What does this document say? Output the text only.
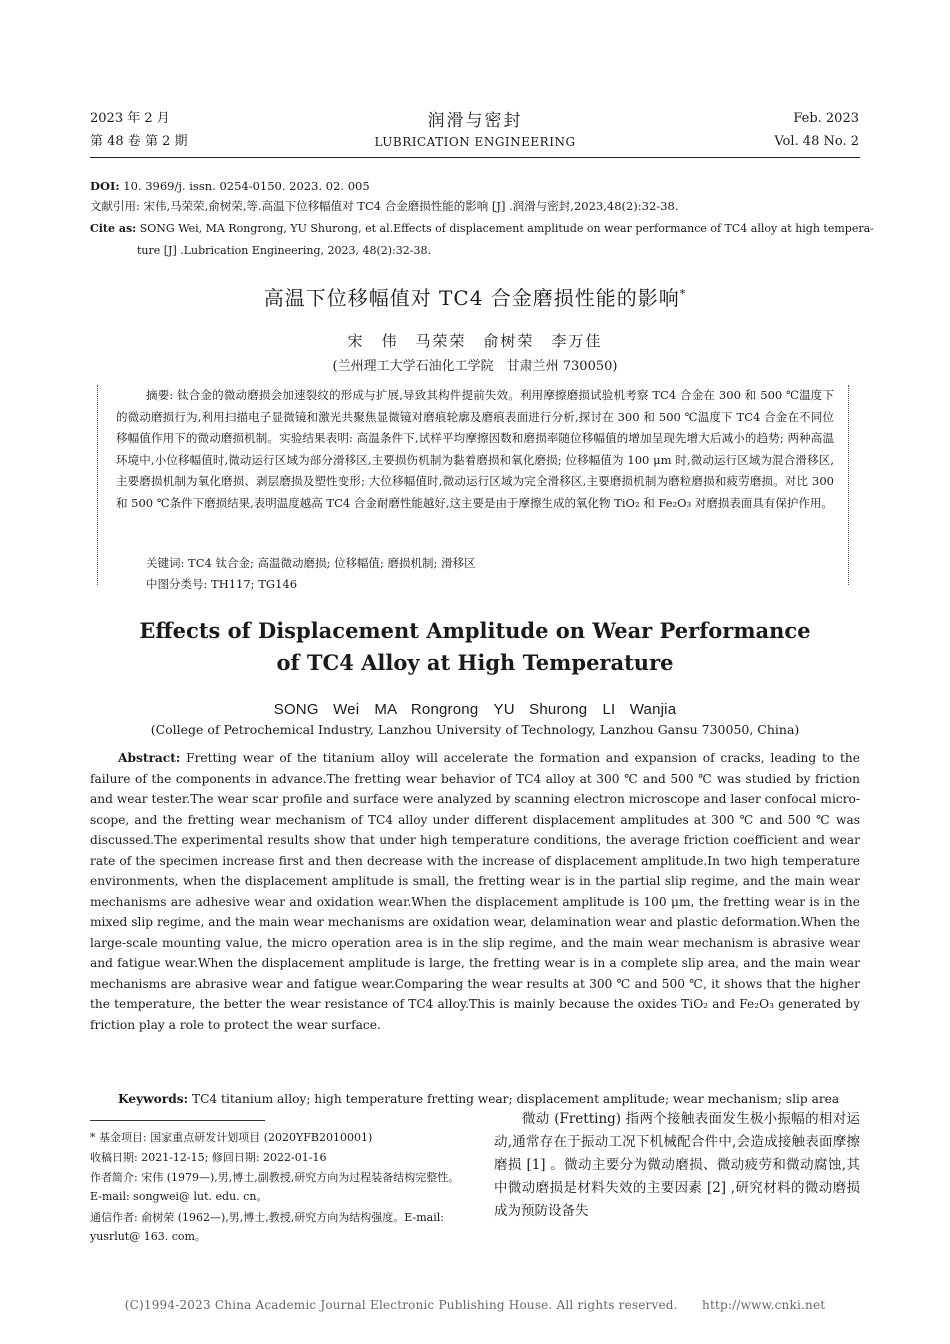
2023 年 2 月
第 48 卷 第 2 期
润滑与密封
LUBRICATION ENGINEERING
Feb. 2023
Vol. 48 No. 2
DOI: 10. 3969/j. issn. 0254-0150. 2023. 02. 005
文献引用: 宋伟,马荣荣,俞树荣,等.高温下位移幅值对 TC4 合金磨损性能的影响 [J] .润滑与密封,2023,48(2):32-38.
Cite as: SONG Wei, MA Rongrong, YU Shurong, et al.Effects of displacement amplitude on wear performance of TC4 alloy at high tempera-
ture [J] .Lubrication Engineering, 2023, 48(2):32-38.
高温下位移幅值对 TC4 合金磨损性能的影响*
宋　伟　马荣荣　俞树荣　李万佳
(兰州理工大学石油化工学院　甘肃兰州 730050)
摘要: 钛合金的微动磨损会加速裂纹的形成与扩展,导致其构件提前失效。利用摩擦磨损试验机考察 TC4 合金在 300 和 500 ℃温度下的微动磨损行为,利用扫描电子显微镜和激光共聚焦显微镜对磨痕轮廓及磨痕表面进行分析,探讨在 300 和 500 ℃温度下 TC4 合金在不同位移幅值作用下的微动磨损机制。实验结果表明: 高温条件下,试样平均摩擦因数和磨损率随位移幅值的增加呈现先增大后减小的趋势; 两种高温环境中,小位移幅值时,微动运行区域为部分滑移区,主要损伤机制为黏着磨损和氧化磨损; 位移幅值为 100 μm 时,微动运行区域为混合滑移区,主要磨损机制为氧化磨损、剥层磨损及塑性变形; 大位移幅值时,微动运行区域为完全滑移区,主要磨损机制为磨粒磨损和疲劳磨损。对比 300 和 500 ℃条件下磨损结果,表明温度越高 TC4 合金耐磨性能越好,这主要是由于摩擦生成的氧化物 TiO₂ 和 Fe₂O₃ 对磨损表面具有保护作用。
关键词: TC4 钛合金; 高温微动磨损; 位移幅值; 磨损机制; 滑移区
中图分类号: TH117; TG146
Effects of Displacement Amplitude on Wear Performance
of TC4 Alloy at High Temperature
SONG Wei　MA Rongrong　YU Shurong　LI Wanjia
(College of Petrochemical Industry, Lanzhou University of Technology, Lanzhou Gansu 730050, China)
Abstract: Fretting wear of the titanium alloy will accelerate the formation and expansion of cracks, leading to the failure of the components in advance.The fretting wear behavior of TC4 alloy at 300 ℃ and 500 ℃ was studied by friction and wear tester.The wear scar profile and surface were analyzed by scanning electron microscope and laser confocal micro-scope, and the fretting wear mechanism of TC4 alloy under different displacement amplitudes at 300 ℃ and 500 ℃ was discussed.The experimental results show that under high temperature conditions, the average friction coefficient and wear rate of the specimen increase first and then decrease with the increase of displacement amplitude.In two high temperature environments, when the displacement amplitude is small, the fretting wear is in the partial slip regime, and the main wear mechanisms are adhesive wear and oxidation wear.When the displacement amplitude is 100 μm, the fretting wear is in the mixed slip regime, and the main wear mechanisms are oxidation wear, delamination wear and plastic deformation.When the large-scale mounting value, the micro operation area is in the slip regime, and the main wear mechanism is abrasive wear and fatigue wear.When the displacement amplitude is large, the fretting wear is in a complete slip area, and the main wear mechanisms are abrasive wear and fatigue wear.Comparing the wear results at 300 ℃ and 500 ℃, it shows that the higher the temperature, the better the wear resistance of TC4 alloy.This is mainly because the oxides TiO₂ and Fe₂O₃ generated by friction play a role to protect the wear surface.
Keywords: TC4 titanium alloy; high temperature fretting wear; displacement amplitude; wear mechanism; slip area
* 基金项目: 国家重点研发计划项目 (2020YFB2010001)
收稿日期: 2021-12-15; 修回日期: 2022-01-16
作者简介: 宋伟 (1979—),男,博士,副教授,研究方向为过程装备结构完整性。E-mail: songwei@ lut. edu. cn。
通信作者: 俞树荣 (1962—),男,博士,教授,研究方向为结构强度。E-mail: yusrlut@ 163. com。
微动 (Fretting) 指两个接触表面发生极小振幅的相对运动,通常存在于振动工况下机械配合件中,会造成接触表面摩擦磨损 [1] 。微动主要分为微动磨损、微动疲劳和微动腐蚀,其中微动磨损是材料失效的主要因素 [2] ,研究材料的微动磨损成为预防设备失
(C)1994-2023 China Academic Journal Electronic Publishing House. All rights reserved.　　http://www.cnki.net
